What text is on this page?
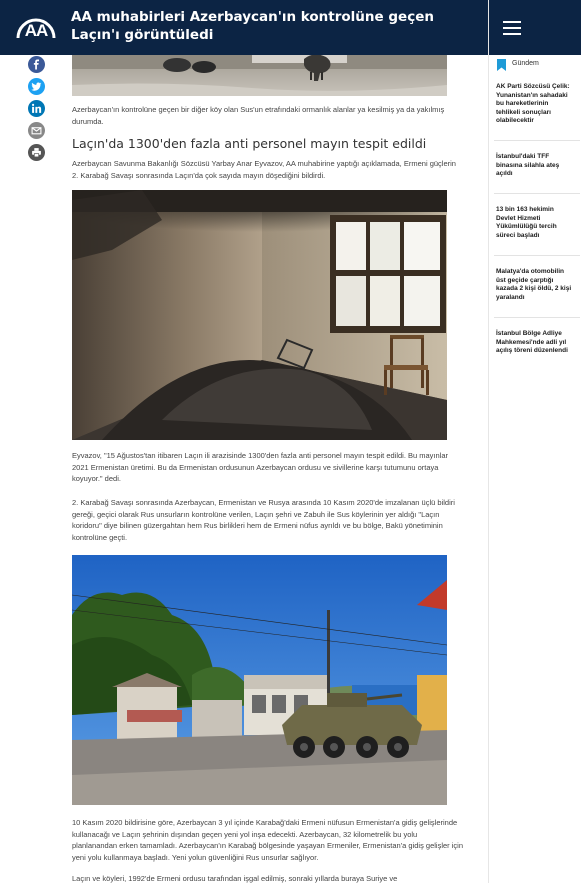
AA
AA muhabirleri Azerbaycan'ın kontrolüne geçen Laçın'ı görüntüledi
Azerbaycan'ın kontrolüne geçen bir diğer köy olan Sus'un etrafındaki ormanlık alanlar ya kesilmiş ya da yakılmış durumda.
Laçın'da 1300'den fazla anti personel mayın tespit edildi
Azerbaycan Savunma Bakanlığı Sözcüsü Yarbay Anar Eyvazov, AA muhabirine yaptığı açıklamada, Ermeni güçlerin 2. Karabağ Savaşı sonrasında Laçın'da çok sayıda mayın döşediğini bildirdi.
Eyvazov, "15 Ağustos'tan itibaren Laçın ili arazisinde 1300'den fazla anti personel mayın tespit edildi. Bu mayınlar 2021 Ermenistan üretimi. Bu da Ermenistan ordusunun Azerbaycan ordusu ve sivillerine karşı tutumunu ortaya koyuyor." dedi.
2. Karabağ Savaşı sonrasında Azerbaycan, Ermenistan ve Rusya arasında 10 Kasım 2020'de imzalanan üçlü bildiri gereği, geçici olarak Rus unsurların kontrolüne verilen, Laçın şehri ve Zabuh ile Sus köylerinin yer aldığı "Laçın koridoru" diye bilinen güzergahtan hem Rus birlikleri hem de Ermeni nüfus ayrıldı ve bu bölge, Bakü yönetiminin kontrolüne geçti.
10 Kasım 2020 bildirisine göre, Azerbaycan 3 yıl içinde Karabağ'daki Ermeni nüfusun Ermenistan'a gidiş gelişlerinde kullanacağı ve Laçın şehrinin dışından geçen yeni yol inşa edecekti. Azerbaycan, 32 kilometrelik bu yolu planlanandan erken tamamladı. Azerbaycan'ın Karabağ bölgesinde yaşayan Ermeniler, Ermenistan'a gidiş gelişler için yeni yolu kullanmaya başladı. Yeni yolun güvenliğini Rus unsurlar sağlıyor.
Laçın ve köyleri, 1992'de Ermeni ordusu tarafından işgal edilmiş, sonraki yıllarda buraya Suriye ve
Gündem
AK Parti Sözcüsü Çelik: Yunanistan'ın sahadaki bu hareketlerinin tehlikeli sonuçları olabilecektir
İstanbul'daki TFF binasına silahla ateş açıldı
13 bin 163 hekimin Devlet Hizmeti Yükümlülüğü tercih süreci başladı
Malatya'da otomobilin üst geçide çarptığı kazada 2 kişi öldü, 2 kişi yaralandı
İstanbul Bölge Adliye Mahkemesi'nde adli yıl açılış töreni düzenlendi
